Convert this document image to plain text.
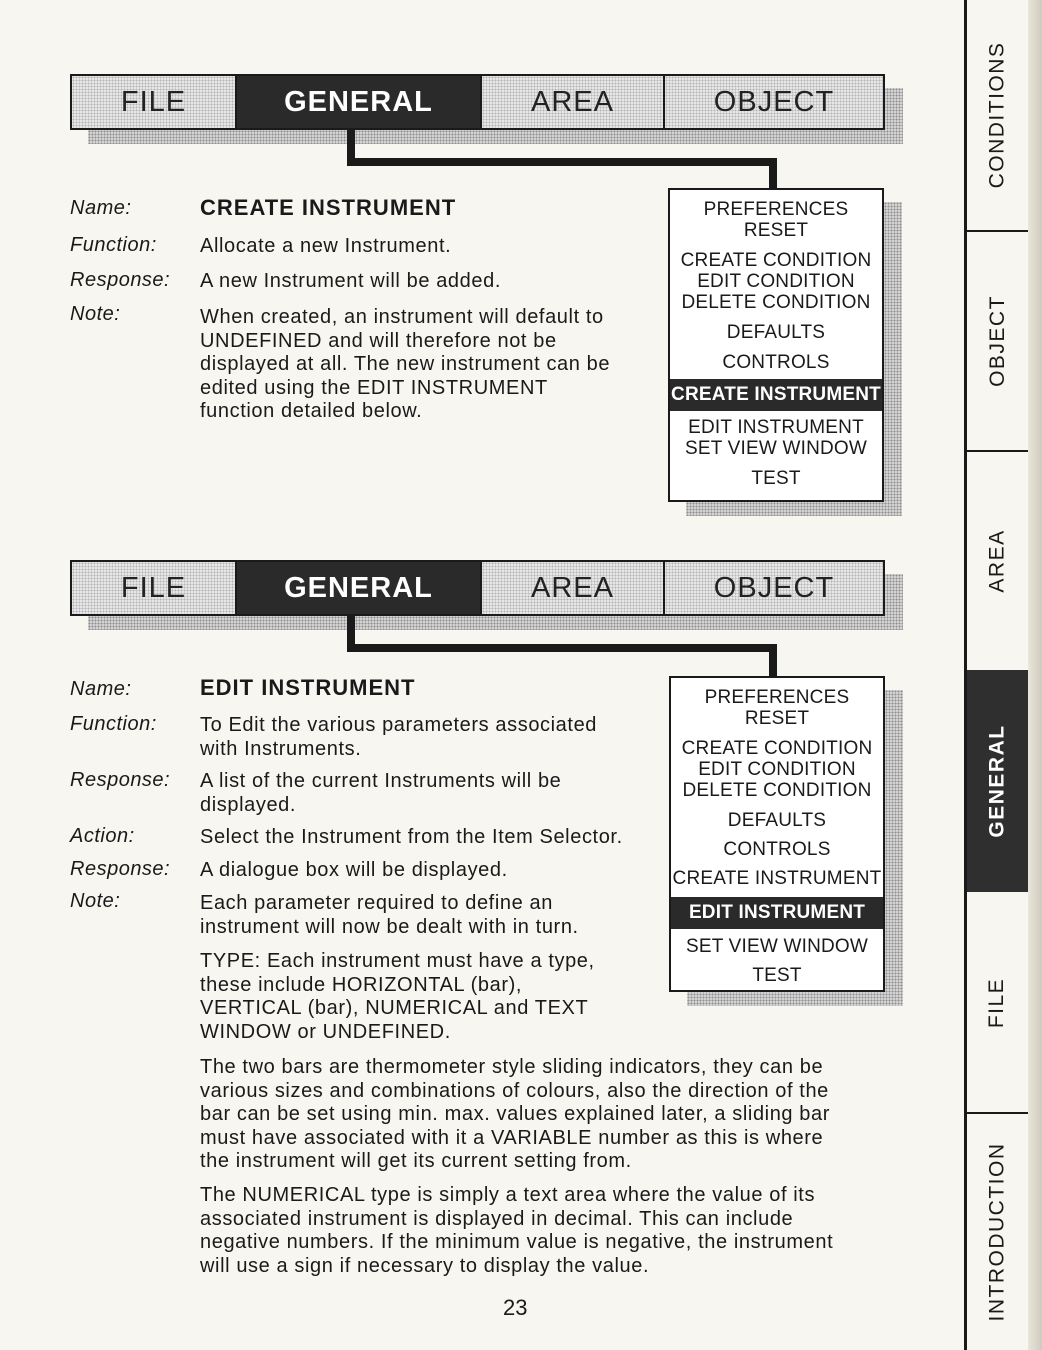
FILE	GENERAL	AREA	OBJECT
Name:	CREATE INSTRUMENT
Function: Allocate a new Instrument.
Response: A new Instrument will be added.
Note:	When created, an instrument will default to
UNDEFINED and will therefore not be
displayed at all. The new instrument can be
edited using the EDIT INSTRUMENT
function detailed below.
PREFERENCES
RESET
CREATE CONDITION
EDIT CONDITION
DELETE CONDITION
DEFAULTS
CONTROLS
CREATE INSTRUMENT
EDIT INSTRUMENT
SET VIEW WINDOW
TEST
FILE	GENERAL	AREA	OBJECT
Name:	EDIT INSTRUMENT
Function: To Edit the various parameters associated
with Instruments.
Response: A list of the current Instruments will be
displayed.
Action:	Select the Instrument from the Item Selector.
Response: A dialogue box will be displayed.
Note:	Each parameter required to define an
instrument will now be dealt with in turn.
TYPE: Each instrument must have a type,
these include HORIZONTAL (bar),
VERTICAL (bar), NUMERICAL and TEXT
WINDOW or UNDEFINED.
PREFERENCES
RESET
CREATE CONDITION
EDIT CONDITION
DELETE CONDITION
DEFAULTS
CONTROLS
CREATE INSTRUMENT
EDIT INSTRUMENT
SET VIEW WINDOW
TEST
The two bars are thermometer style sliding indicators, they can be
various sizes and combinations of colours, also the direction of the
bar can be set using min. max. values explained later, a sliding bar
must have associated with it a VARIABLE number as this is where
the instrument will get its current setting from.
The NUMERICAL type is simply a text area where the value of its
associated instrument is displayed in decimal. This can include
negative numbers. If the minimum value is negative, the instrument
will use a sign if necessary to display the value.
23
CONDITIONS
OBJECT
AREA
GENERAL
FILE
INTRODUCTION
